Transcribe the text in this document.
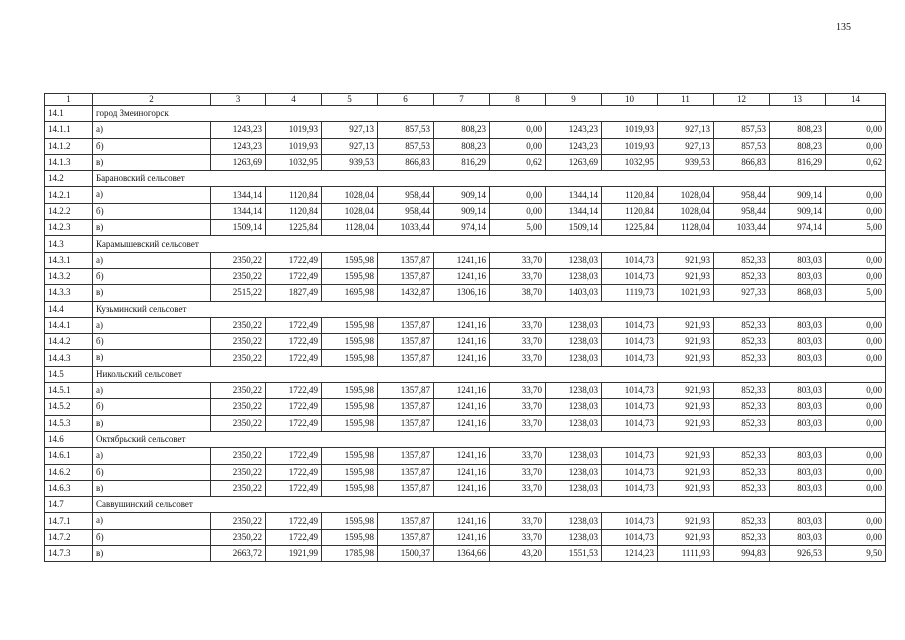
135
1	2	3	4	5	6	7	8	9	10	11	12	13	14
14.1	город Змеиногорск												
14.1.1	а)	1243,23	1019,93	927,13	857,53	808,23	0,00	1243,23	1019,93	927,13	857,53	808,23	0,00
14.1.2	б)	1243,23	1019,93	927,13	857,53	808,23	0,00	1243,23	1019,93	927,13	857,53	808,23	0,00
14.1.3	в)	1263,69	1032,95	939,53	866,83	816,29	0,62	1263,69	1032,95	939,53	866,83	816,29	0,62
14.2	Барановский сельсовет												
14.2.1	а)	1344,14	1120,84	1028,04	958,44	909,14	0,00	1344,14	1120,84	1028,04	958,44	909,14	0,00
14.2.2	б)	1344,14	1120,84	1028,04	958,44	909,14	0,00	1344,14	1120,84	1028,04	958,44	909,14	0,00
14.2.3	в)	1509,14	1225,84	1128,04	1033,44	974,14	5,00	1509,14	1225,84	1128,04	1033,44	974,14	5,00
14.3	Карамышевский сельсовет												
14.3.1	а)	2350,22	1722,49	1595,98	1357,87	1241,16	33,70	1238,03	1014,73	921,93	852,33	803,03	0,00
14.3.2	б)	2350,22	1722,49	1595,98	1357,87	1241,16	33,70	1238,03	1014,73	921,93	852,33	803,03	0,00
14.3.3	в)	2515,22	1827,49	1695,98	1432,87	1306,16	38,70	1403,03	1119,73	1021,93	927,33	868,03	5,00
14.4	Кузьминский сельсовет												
14.4.1	а)	2350,22	1722,49	1595,98	1357,87	1241,16	33,70	1238,03	1014,73	921,93	852,33	803,03	0,00
14.4.2	б)	2350,22	1722,49	1595,98	1357,87	1241,16	33,70	1238,03	1014,73	921,93	852,33	803,03	0,00
14.4.3	в)	2350,22	1722,49	1595,98	1357,87	1241,16	33,70	1238,03	1014,73	921,93	852,33	803,03	0,00
14.5	Никольский сельсовет												
14.5.1	а)	2350,22	1722,49	1595,98	1357,87	1241,16	33,70	1238,03	1014,73	921,93	852,33	803,03	0,00
14.5.2	б)	2350,22	1722,49	1595,98	1357,87	1241,16	33,70	1238,03	1014,73	921,93	852,33	803,03	0,00
14.5.3	в)	2350,22	1722,49	1595,98	1357,87	1241,16	33,70	1238,03	1014,73	921,93	852,33	803,03	0,00
14.6	Октябрьский сельсовет												
14.6.1	а)	2350,22	1722,49	1595,98	1357,87	1241,16	33,70	1238,03	1014,73	921,93	852,33	803,03	0,00
14.6.2	б)	2350,22	1722,49	1595,98	1357,87	1241,16	33,70	1238,03	1014,73	921,93	852,33	803,03	0,00
14.6.3	в)	2350,22	1722,49	1595,98	1357,87	1241,16	33,70	1238,03	1014,73	921,93	852,33	803,03	0,00
14.7	Саввушинский сельсовет												
14.7.1	а)	2350,22	1722,49	1595,98	1357,87	1241,16	33,70	1238,03	1014,73	921,93	852,33	803,03	0,00
14.7.2	б)	2350,22	1722,49	1595,98	1357,87	1241,16	33,70	1238,03	1014,73	921,93	852,33	803,03	0,00
14.7.3	в)	2663,72	1921,99	1785,98	1500,37	1364,66	43,20	1551,53	1214,23	1111,93	994,83	926,53	9,50
